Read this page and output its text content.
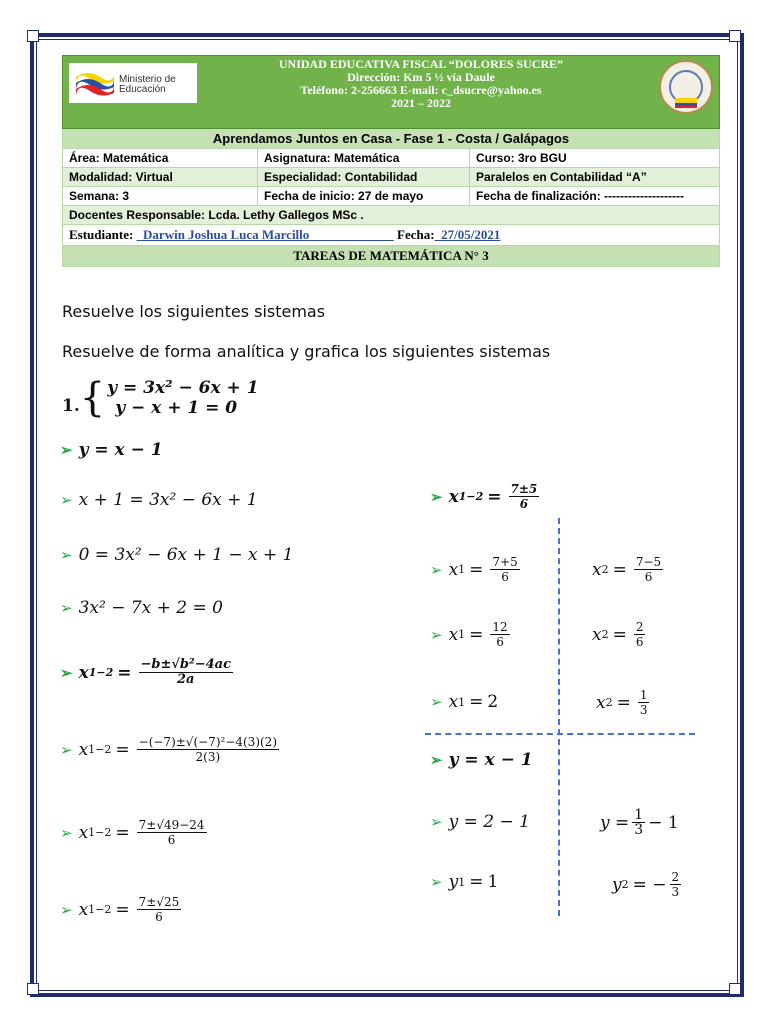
Ministerio de Educación
UNIDAD EDUCATIVA FISCAL “DOLORES SUCRE”
Dirección: Km 5 ½ vía Daule
Teléfono: 2-256663 E-mail: c_dsucre@yahoo.es
2021 – 2022
Aprendamos Juntos en Casa - Fase 1 - Costa / Galápagos
Área: Matemática	Asignatura: Matemática	Curso: 3ro BGU
Modalidad: Virtual	Especialidad: Contabilidad	Paralelos en Contabilidad “A”
Semana: 3	Fecha de inicio: 27 de mayo	Fecha de finalización: --------------------
Docentes Responsable: Lcda. Lethy Gallegos MSc .
Estudiante:   Darwin Joshua Luca Marcillo                           Fecha:  27/05/2021
TAREAS DE MATEMÁTICA N° 3
Resuelve los siguientes sistemas
Resuelve de forma analítica y grafica los siguientes sistemas
1. { y = 3x² − 6x + 1
y − x + 1 = 0
➢ y = x − 1
➢ x + 1 = 3x² − 6x + 1
➢ 0 = 3x² − 6x + 1 − x + 1
➢ 3x² − 7x + 2 = 0
➢ x $1-2 = \frac{\text{−b±√b²−4ac}}{2a}$
➢ x $1-2 = \frac{\text{−(−7)±√(−7)²−4(3)(2)}}{2(3)}$
➢ x $1-2 = \frac{7\pm√49-24}{6}$
➢ x $1-2 = \frac{7\pm√25}{6}$
➢ x $1-2 = \frac{7\pm 5}{6}$
➢ x $1 = \frac{7+5}{6}$	x $2 = \frac{7-5}{6}$
➢ x $1 = \frac{12}{6}$	x $2 = \frac{2}{6}$
➢ x 1 = 2	x $2 = \frac{1}{3}$
➢ y = x − 1
➢ y = 2 − 1	$y = \frac{1}{3} - 1$
➢ y 1 = 1	y 2 = − $\frac{2}{3}$
